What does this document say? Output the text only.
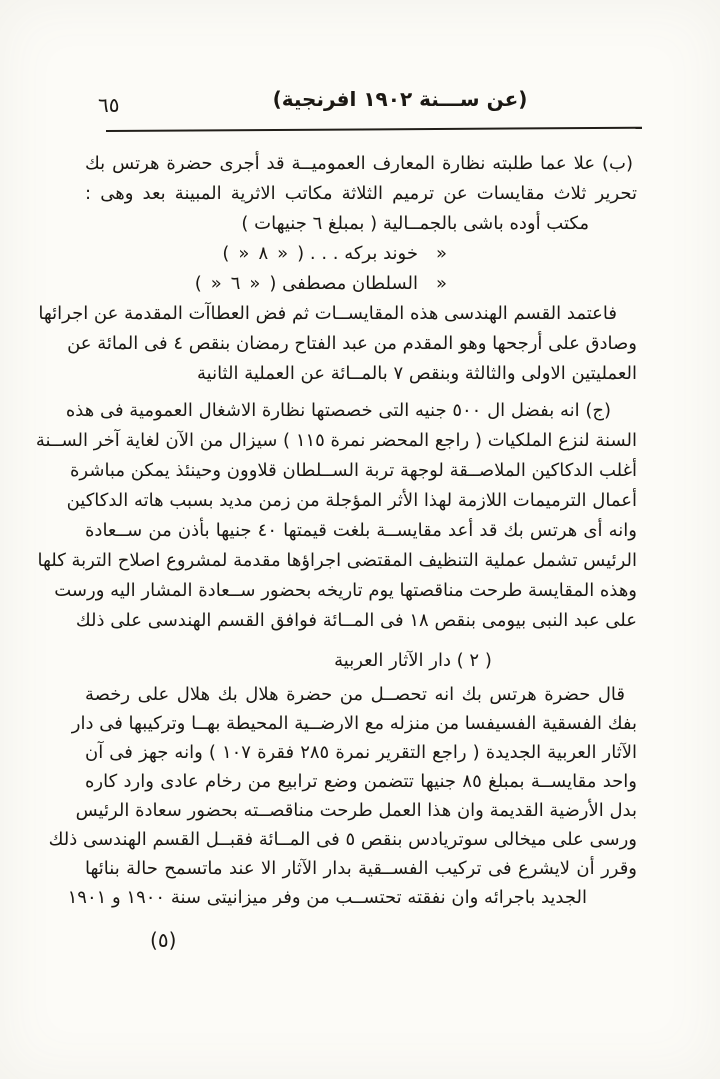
٦٥	(عن ســـنة ١٩٠٢ افرنجية)
(ب) علا عما طلبته نظارة المعارف العموميــة قد أجرى حضرة هرتس بك
تحرير ثلاث مقايسات عن ترميم الثلاثة مكاتب الاثرية المبينة بعد وهى :
مكتب أوده باشى بالجمــالية ( بمبلغ ٦ جنيهات )
« خوند بركه . . . ( « ٨ « )
« السلطان مصطفى ( « ٦ « )
فاعتمد القسم الهندسى هذه المقايســات ثم فض العطاآت المقدمة عن اجرائها
وصادق على أرجحها وهو المقدم من عبد الفتاح رمضان بنقص ٤ فى المائة عن
العمليتين الاولى والثالثة وبنقص ٧ بالمــائة عن العملية الثانية
(ج) انه بفضل ال ٥٠٠ جنيه التى خصصتها نظارة الاشغال العمومية فى هذه
السنة لنزع الملكيات ( راجع المحضر نمرة ١١٥ ) سيزال من الآن لغاية آخر الســنة
أغلب الدكاكين الملاصــقة لوجهة تربة الســلطان قلاوون وحينئذ يمكن مباشرة
أعمال الترميمات اللازمة لهذا الأثر المؤجلة من زمن مديد بسبب هاته الدكاكين
وانه أى هرتس بك قد أعد مقايســة بلغت قيمتها ٤٠ جنيها بأذن من ســعادة
الرئيس تشمل عملية التنظيف المقتضى اجراؤها مقدمة لمشروع اصلاح التربة كلها
وهذه المقايسة طرحت مناقصتها يوم تاريخه بحضور ســعادة المشار اليه ورست
على عبد النبى بيومى بنقص ١٨ فى المــائة فوافق القسم الهندسى على ذلك
( ٢ ) دار الآثار العربية
قال حضرة هرتس بك انه تحصــل من حضرة هلال بك هلال على رخصة
بفك الفسقية الفسيفسا من منزله مع الارضــية المحيطة بهــا وتركيبها فى دار
الآثار العربية الجديدة ( راجع التقرير نمرة ٢٨٥ فقرة ١٠٧ ) وانه جهز فى آن
واحد مقايســة بمبلغ ٨٥ جنيها تتضمن وضع ترابيع من رخام عادى وارد كاره
بدل الأرضية القديمة وان هذا العمل طرحت مناقصــته بحضور سعادة الرئيس
ورسى على ميخالى سوتريادس بنقص ٥ فى المــائة فقبــل القسم الهندسى ذلك
وقرر أن لايشرع فى تركيب الفســقية بدار الآثار الا عند ماتسمح حالة بنائها
الجديد باجرائه وان نفقته تحتســب من وفر ميزانيتى سنة ١٩٠٠ و ١٩٠١
(٥)
